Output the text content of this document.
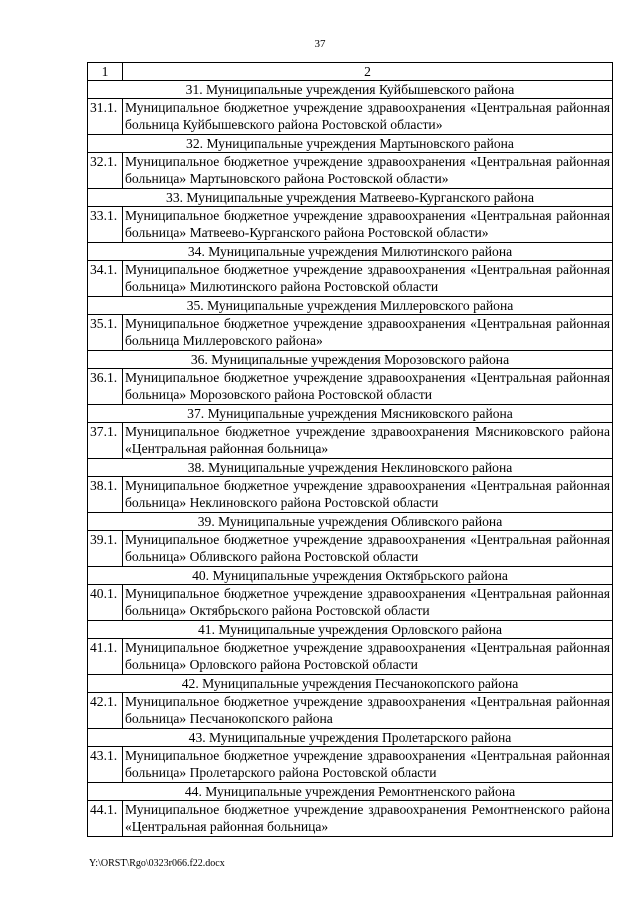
37
1	2
31. Муниципальные учреждения Куйбышевского района	
31.1.	Муниципальное бюджетное учреждение здравоохранения «Центральная районная больница Куйбышевского района Ростовской области»
32. Муниципальные учреждения Мартыновского района	
32.1.	Муниципальное бюджетное учреждение здравоохранения «Центральная районная больница» Мартыновского района Ростовской области»
33. Муниципальные учреждения Матвеево-Курганского района	
33.1.	Муниципальное бюджетное учреждение здравоохранения «Центральная районная больница» Матвеево-Курганского района Ростовской области»
34. Муниципальные учреждения Милютинского района	
34.1.	Муниципальное бюджетное учреждение здравоохранения «Центральная районная больница» Милютинского района Ростовской области
35. Муниципальные учреждения Миллеровского района	
35.1.	Муниципальное бюджетное учреждение здравоохранения «Центральная районная больница Миллеровского района»
36. Муниципальные учреждения Морозовского района	
36.1.	Муниципальное бюджетное учреждение здравоохранения «Центральная районная больница» Морозовского района Ростовской области
37. Муниципальные учреждения Мясниковского района	
37.1.	Муниципальное бюджетное учреждение здравоохранения Мясниковского района «Центральная районная больница»
38. Муниципальные учреждения Неклиновского района	
38.1.	Муниципальное бюджетное учреждение здравоохранения «Центральная районная больница» Неклиновского района Ростовской области
39. Муниципальные учреждения Обливского района	
39.1.	Муниципальное бюджетное учреждение здравоохранения «Центральная районная больница» Обливского района Ростовской области
40. Муниципальные учреждения Октябрьского района	
40.1.	Муниципальное бюджетное учреждение здравоохранения «Центральная районная больница» Октябрьского района Ростовской области
41. Муниципальные учреждения Орловского района	
41.1.	Муниципальное бюджетное учреждение здравоохранения «Центральная районная больница» Орловского района Ростовской области
42. Муниципальные учреждения Песчанокопского района	
42.1.	Муниципальное бюджетное учреждение здравоохранения «Центральная районная больница» Песчанокопского района
43. Муниципальные учреждения Пролетарского района	
43.1.	Муниципальное бюджетное учреждение здравоохранения «Центральная районная больница» Пролетарского района Ростовской области
44. Муниципальные учреждения Ремонтненского района	
44.1.	Муниципальное бюджетное учреждение здравоохранения Ремонтненского района «Центральная районная больница»
Y:\ORST\Rgo\0323r066.f22.docx
